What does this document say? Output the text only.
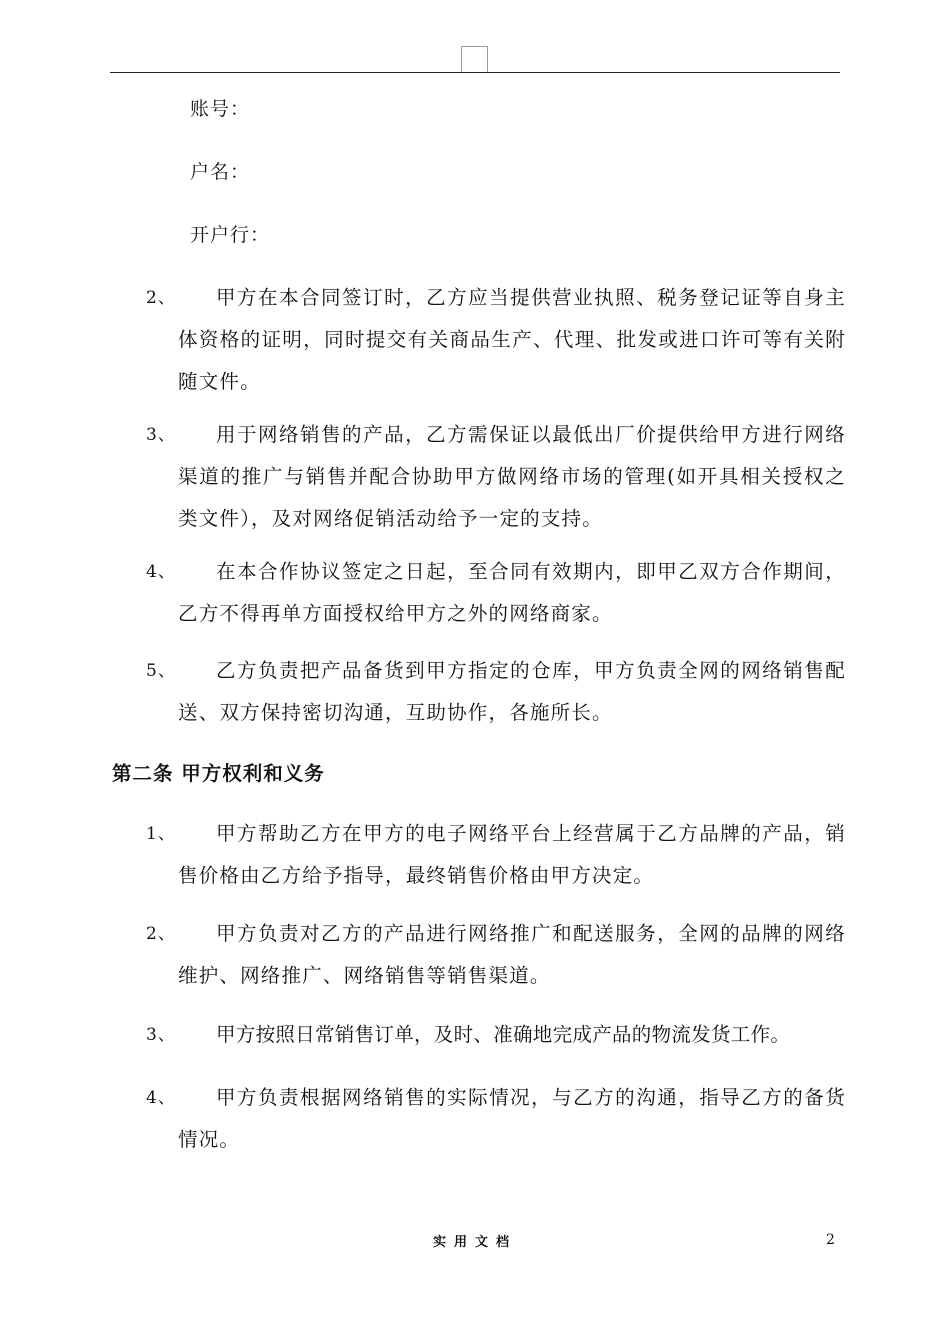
账号：
户名：
开户行：
2、	甲方在本合同签订时，乙方应当提供营业执照、税务登记证等自身主体资格的证明，同时提交有关商品生产、代理、批发或进口许可等有关附随文件。

3、	用于网络销售的产品，乙方需保证以最低出厂价提供给甲方进行网络渠道的推广与销售并配合协助甲方做网络市场的管理(如开具相关授权之类文件），及对网络促销活动给予一定的支持。

4、	在本合作协议签定之日起，至合同有效期内，即甲乙双方合作期间，乙方不得再单方面授权给甲方之外的网络商家。

5、	乙方负责把产品备货到甲方指定的仓库，甲方负责全网的网络销售配送、双方保持密切沟通，互助协作，各施所长。

第二条 甲方权利和义务
1、	甲方帮助乙方在甲方的电子网络平台上经营属于乙方品牌的产品，销售价格由乙方给予指导，最终销售价格由甲方决定。

2、	甲方负责对乙方的产品进行网络推广和配送服务，全网的品牌的网络维护、网络推广、网络销售等销售渠道。

3、	甲方按照日常销售订单，及时、准确地完成产品的物流发货工作。

4、	甲方负责根据网络销售的实际情况，与乙方的沟通，指导乙方的备货情况。

实用文档	2
